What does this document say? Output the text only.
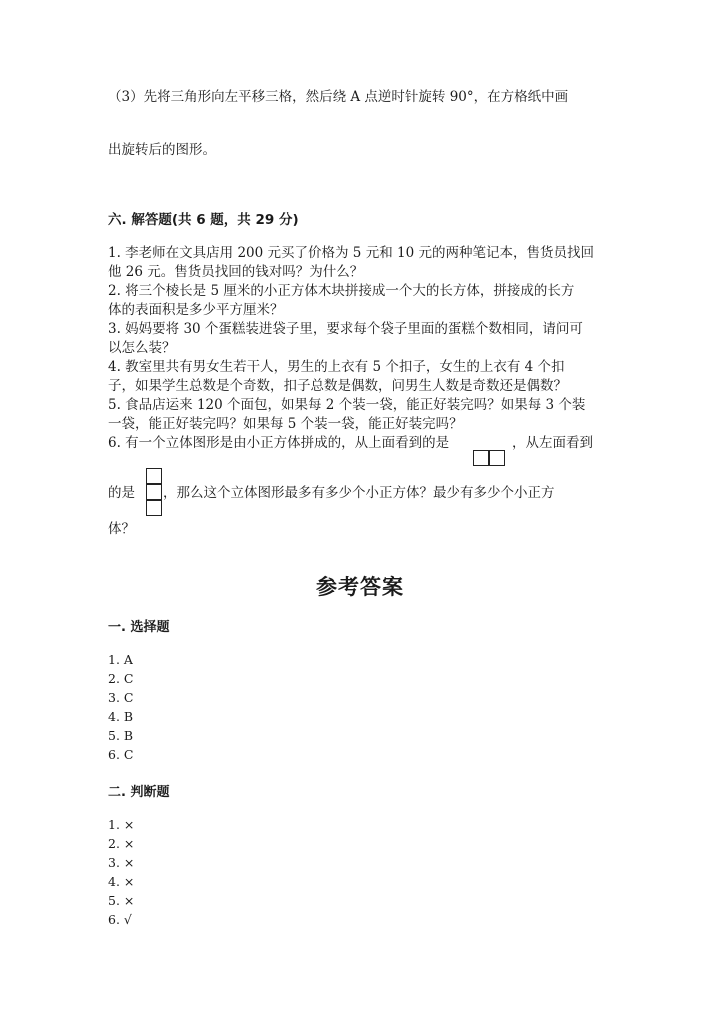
（3）先将三角形向左平移三格，然后绕 A 点逆时针旋转 90°，在方格纸中画
出旋转后的图形。
六. 解答题(共 6 题，共 29 分)
1. 李老师在文具店用 200 元买了价格为 5 元和 10 元的两种笔记本，售货员找回
他 26 元。售货员找回的钱对吗？为什么？
2. 将三个棱长是 5 厘米的小正方体木块拼接成一个大的长方体，拼接成的长方
体的表面积是多少平方厘米？
3. 妈妈要将 30 个蛋糕装进袋子里，要求每个袋子里面的蛋糕个数相同，请问可
以怎么装？
4. 教室里共有男女生若干人，男生的上衣有 5 个扣子，女生的上衣有 4 个扣
子，如果学生总数是个奇数，扣子总数是偶数，问男生人数是奇数还是偶数？
5. 食品店运来 120 个面包，如果每 2 个装一袋，能正好装完吗？如果每 3 个装
一袋，能正好装完吗？如果每 5 个装一袋，能正好装完吗？
6. 有一个立体图形是由小正方体拼成的，从上面看到的是	，从左面看到
的是 ，那么这个立体图形最多有多少个小正方体？最少有多少个小正方
体？
参考答案
一. 选择题
1. A
2. C
3. C
4. B
5. B
6. C
二. 判断题
1. ×
2. ×
3. ×
4. ×
5. ×
6. √
